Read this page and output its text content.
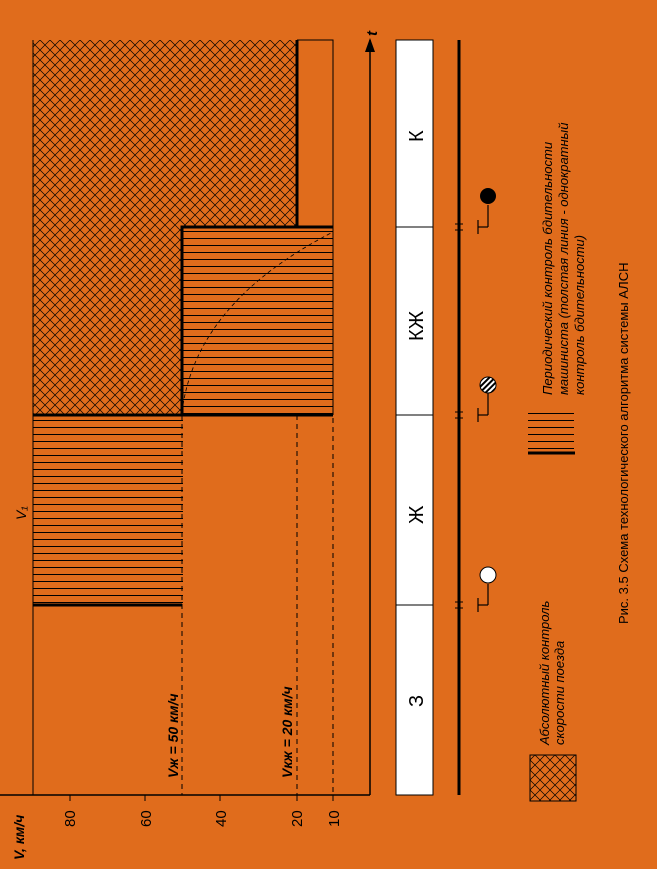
80	60	40	20 10
V, км/ч
t
V₁
Vж = 50 км/ч	Vкж = 20 км/ч	З
Ж
КЖ
К
Абсолютный контроль скорости поезда
Периодический контроль бдительности машиниста (толстая линия - однократный контроль бдительности) Рис. 3.5 Схема технологического алгоритма системы АЛСН
